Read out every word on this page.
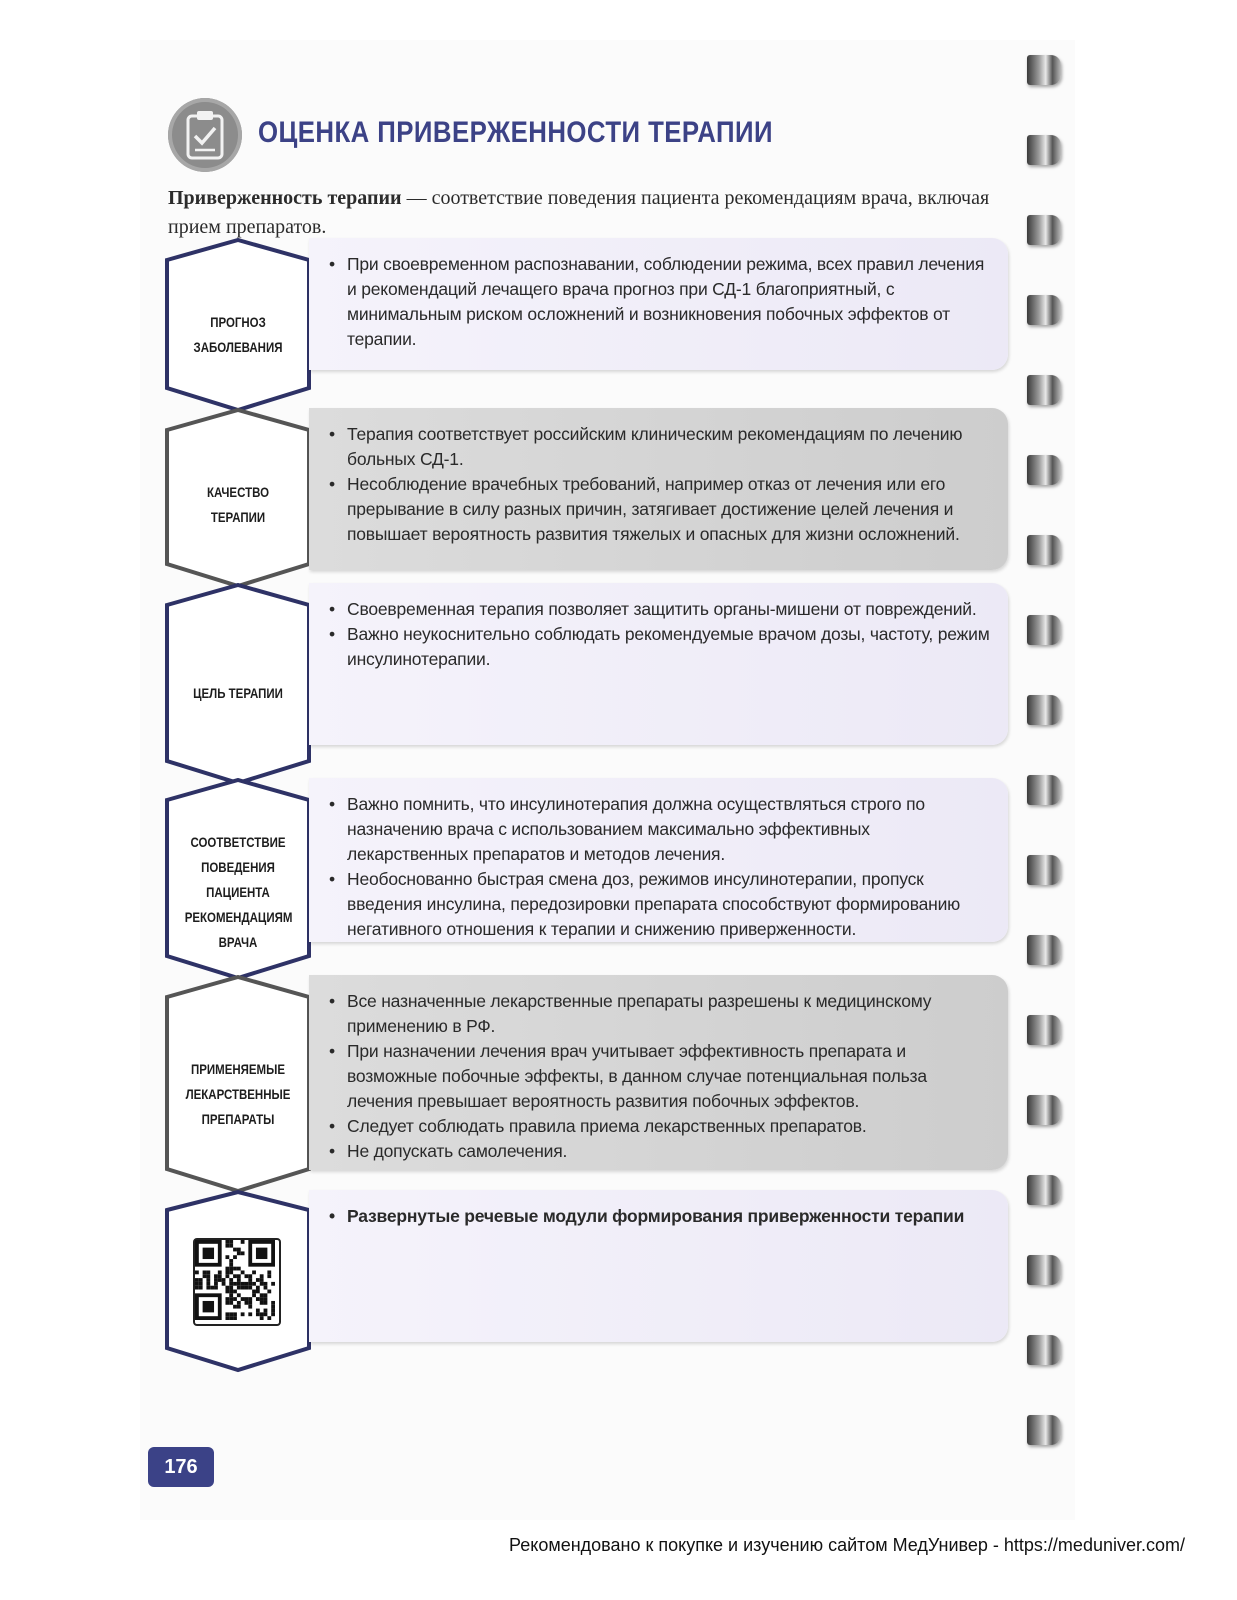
ОЦЕНКА ПРИВЕРЖЕННОСТИ ТЕРАПИИ
Приверженность терапии — соответствие поведения пациента рекомендациям врача, включая прием препаратов.
ПРОГНОЗ ЗАБОЛЕВАНИЯ
• При своевременном распознавании, соблюдении режима, всех правил лечения и рекомендаций лечащего врача прогноз при СД-1 благоприятный, с минимальным риском осложнений и возникновения побочных эффектов от терапии.
КАЧЕСТВО ТЕРАПИИ
• Терапия соответствует российским клиническим рекомендациям по лечению больных СД-1.
• Несоблюдение врачебных требований, например отказ от лечения или его прерывание в силу разных причин, затягивает достижение целей лечения и повышает вероятность развития тяжелых и опасных для жизни осложнений.
ЦЕЛЬ ТЕРАПИИ
• Своевременная терапия позволяет защитить органы-мишени от повреждений.
• Важно неукоснительно соблюдать рекомендуемые врачом дозы, частоту, режим инсулинотерапии.
СООТВЕТСТВИЕ ПОВЕДЕНИЯ ПАЦИЕНТА РЕКОМЕНДАЦИЯМ ВРАЧА
• Важно помнить, что инсулинотерапия должна осуществляться строго по назначению врача с использованием максимально эффективных лекарственных препаратов и методов лечения.
• Необоснованно быстрая смена доз, режимов инсулинотерапии, пропуск введения инсулина, передозировки препарата способствуют формированию негативного отношения к терапии и снижению приверженности.
ПРИМЕНЯЕМЫЕ ЛЕКАРСТВЕННЫЕ ПРЕПАРАТЫ
• Все назначенные лекарственные препараты разрешены к медицинскому применению в РФ.
• При назначении лечения врач учитывает эффективность препарата и возможные побочные эффекты, в данном случае потенциальная польза лечения превышает вероятность развития побочных эффектов.
• Следует соблюдать правила приема лекарственных препаратов.
• Не допускать самолечения.
• Развернутые речевые модули формирования приверженности терапии
176
Рекомендовано к покупке и изучению сайтом МедУнивер - https://meduniver.com/
